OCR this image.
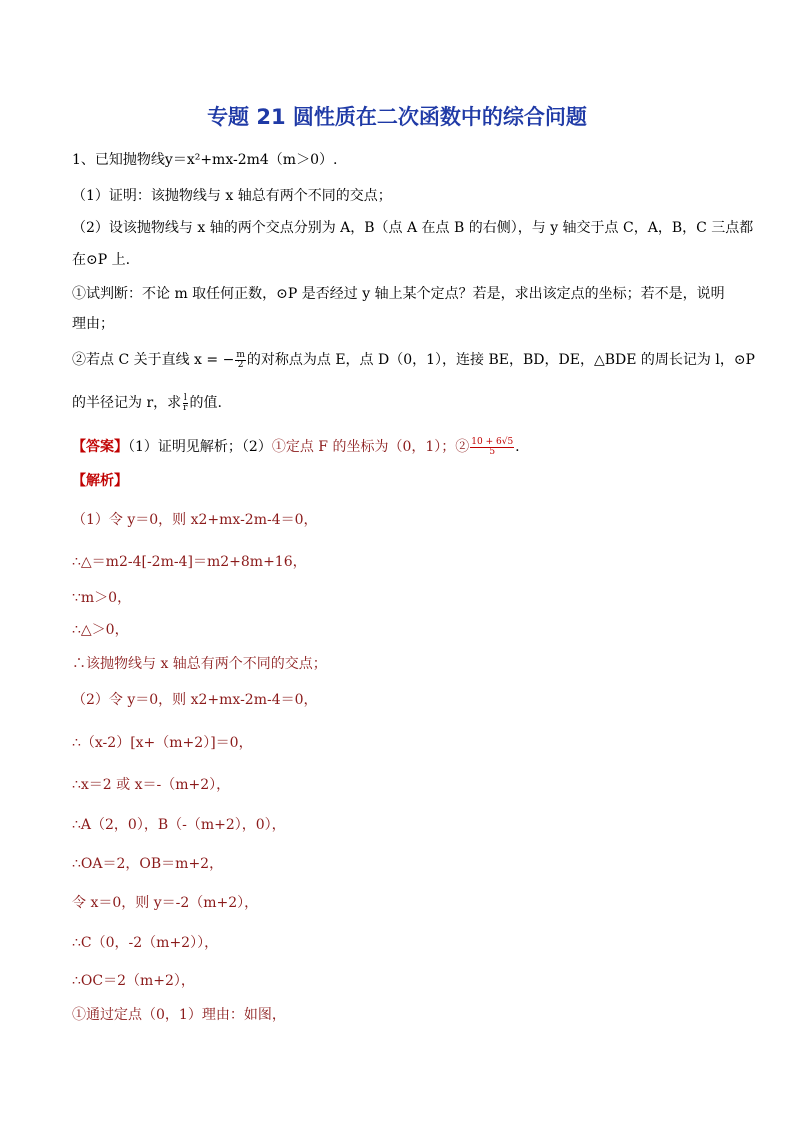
专题 21 圆性质在二次函数中的综合问题
1、已知抛物线y＝x²+mx-2m4（m＞0）.
（1）证明：该抛物线与 x 轴总有两个不同的交点；
（2）设该抛物线与 x 轴的两个交点分别为 A，B（点 A 在点 B 的右侧），与 y 轴交于点 C，A，B，C 三点都
在⊙P 上.
①试判断：不论 m 取任何正数，⊙P 是否经过 y 轴上某个定点？若是，求出该定点的坐标；若不是，说明
理由；
②若点 C 关于直线 x = − $\frac{m}{2}$ 的对称点为点 E，点 D（0，1），连接 BE，BD，DE，△BDE 的周长记为 l，⊙P
的半径记为 r，求 $\frac{l}{r}$ 的值.
【答案】（1）证明见解析；（2）①定点 F 的坐标为（0，1）；② $\frac{10 + 6√5}{5}$ .
【解析】
（1）令 y＝0，则 x2+mx-2m-4＝0，
∴△＝m2-4[-2m-4]＝m2+8m+16，
∵m＞0，
∴△＞0，
∴该抛物线与 x 轴总有两个不同的交点；
（2）令 y＝0，则 x2+mx-2m-4＝0，
∴（x-2）[x+（m+2）]＝0，
∴x＝2 或 x＝-（m+2），
∴A（2，0），B（-（m+2），0），
∴OA＝2，OB＝m+2，
令 x＝0，则 y＝-2（m+2），
∴C（0，-2（m+2）），
∴OC＝2（m+2），
①通过定点（0，1）理由：如图，
